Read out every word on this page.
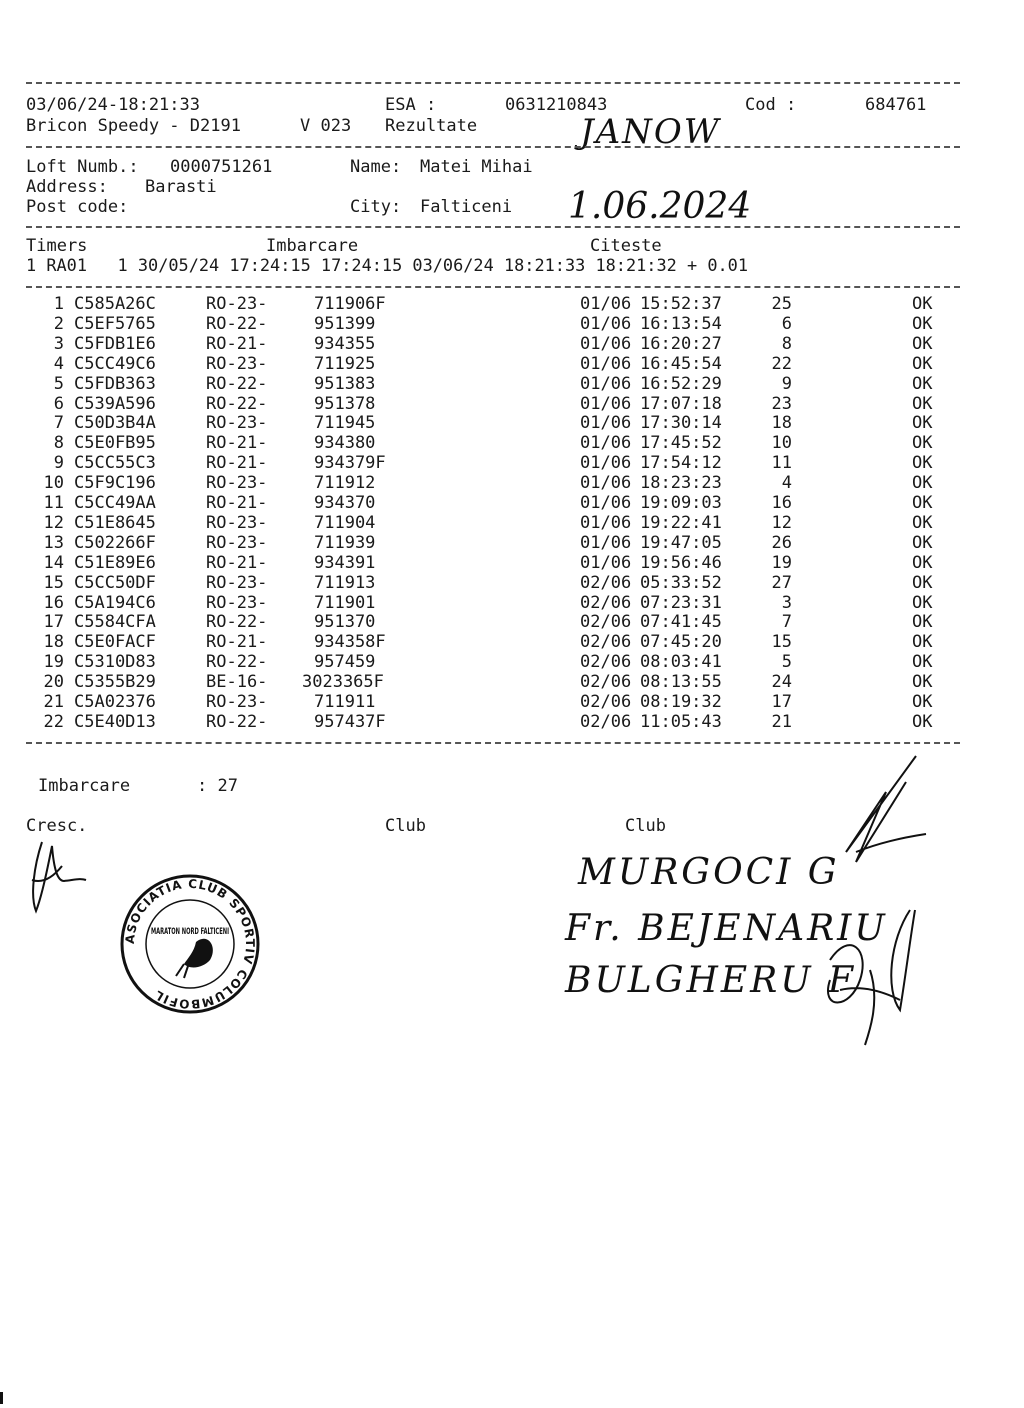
03/06/24-18:21:33	ESA :	0631210843	Cod :	684761
Bricon Speedy - D2191	V 023 Rezultate	JANOW
Loft Numb.: 0000751261	Name: Matei Mihai
Address: Barasti
Post code:	City: Falticeni 1.06.2024
Timers	Imbarcare	Citeste
1 RA01   1 30/05/24 17:24:15 17:24:15 03/06/24 18:21:33 18:21:32 + 0.01
1 C585A26C	RO-23-	711906F	01/06 15:52:37	25	OK
2 C5EF5765	RO-22-	951399	01/06 16:13:54	6	OK
3 C5FDB1E6	RO-21-	934355	01/06 16:20:27	8	OK
4 C5CC49C6	RO-23-	711925	01/06 16:45:54	22	OK
5 C5FDB363	RO-22-	951383	01/06 16:52:29	9	OK
6 C539A596	RO-22-	951378	01/06 17:07:18	23	OK
7 C50D3B4A	RO-23-	711945	01/06 17:30:14	18	OK
8 C5E0FB95	RO-21-	934380	01/06 17:45:52	10	OK
9 C5CC55C3	RO-21-	934379F	01/06 17:54:12	11	OK
10 C5F9C196	RO-23-	711912	01/06 18:23:23	4	OK
11 C5CC49AA	RO-21-	934370	01/06 19:09:03	16	OK
12 C51E8645	RO-23-	711904	01/06 19:22:41	12	OK
13 C502266F	RO-23-	711939	01/06 19:47:05	26	OK
14 C51E89E6	RO-21-	934391	01/06 19:56:46	19	OK
15 C5CC50DF	RO-23-	711913	02/06 05:33:52	27	OK
16 C5A194C6	RO-23-	711901	02/06 07:23:31	3	OK
17 C5584CFA	RO-22-	951370	02/06 07:41:45	7	OK
18 C5E0FACF	RO-21-	934358F	02/06 07:45:20	15	OK
19 C5310D83	RO-22-	957459	02/06 08:03:41	5	OK
20 C5355B29	BE-16- 3023365F	02/06 08:13:55	24	OK
21 C5A02376	RO-23-	711911	02/06 08:19:32	17	OK
22 C5E40D13	RO-22-	957437F	02/06 11:05:43	21	OK
Imbarcare	: 27
Cresc.	Club	Club
MURGOCI G
Fr. BEJENARIU
BULGHERU F
ASOCIATIA CLUB SPORTIV COLUMBOFIL
MARATON NORD FALTICENI
